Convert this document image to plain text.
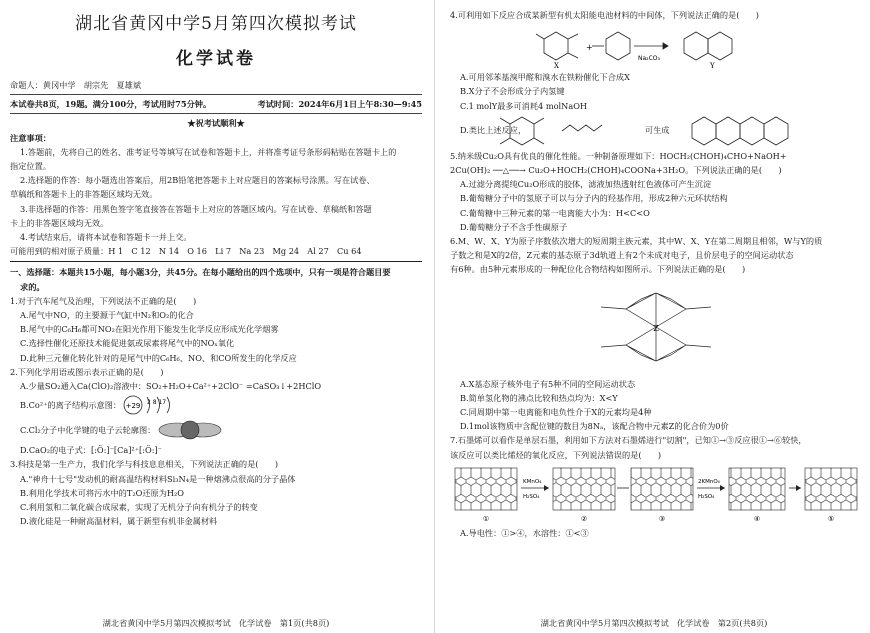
湖北省黄冈中学5月第四次模拟考试
化学试卷
命题人：黄冈中学　胡宗先　夏雄斌
本试卷共8页，19题。满分100分，考试用时75分钟。	考试时间：2024年6月1日上午8:30—9:45
★祝考试顺利★
注意事项：
1.答题前，先将自己的姓名、准考证号等填写在试卷和答题卡上，并将准考证号条形码粘贴在答题卡上的
指定位置。
2.选择题的作答：每小题选出答案后，用2B铅笔把答题卡上对应题目的答案标号涂黑。写在试卷、
草稿纸和答题卡上的非答题区域均无效。
3.非选择题的作答：用黑色签字笔直接答在答题卡上对应的答题区域内。写在试卷、草稿纸和答题
卡上的非答题区域均无效。
4.考试结束后，请将本试卷和答题卡一并上交。
可能用到的相对原子质量：H 1　C 12　N 14　O 16　Li 7　Na 23　Mg 24　Al 27　Cu 64
一、选择题：本题共15小题，每小题3分，共45分。在每小题给出的四个选项中，只有一项是符合题目要
求的。
1.对于汽车尾气及治理，下列说法不正确的是(　　)
A.尾气中NO，的主要源于气缸中N₂和O₂的化合
B.尾气中的C₆H₆都可NO₂在阳光作用下能发生化学反应形成光化学烟雾
C.选择性催化还原技术能促进氨或尿素将尾气中的NOₓ氧化
D.此种三元催化转化针对的是尾气中的C₆H₆、NO、和CO所发生的化学反应
2.下列化学用语或图示表示正确的是(　　)
A.少量SO₂通入Ca(ClO)₂溶液中：SO₂+H₂O+Ca²⁺+2ClO⁻ =CaSO₃↓+2HClO
B.Co²⁺的离子结构示意图： +29 2 8 17
C.Cl₂分子中化学键的电子云轮廓图：
D.CaO₂的电子式：[:Ö:]⁻[Ca]²⁺[:Ö:]⁻
3.科技是第一生产力，我们化学与科技息息相关，下列说法正确的是(　　)
A."神舟十七号"发动机的耐高温结构材料Si₃N₄是一种熔沸点很高的分子晶体
B.利用化学技术可将污水中的T₂O还原为H₂O
C.利用氢和二氧化碳合成尿素，实现了无机分子向有机分子的转变
D.液化硅是一种耐高温材料，属于新型有机非金属材料
湖北省黄冈中学5月第四次模拟考试　化学试卷　第1页(共8页)
4.可利用如下反应合成某新型有机太阳能电池材料的中间体，下列说法正确的是(　　)
+
Na₂CO₃
X	Y
A.可用邻苯基溴甲醛和溴水在铁粉催化下合成X
B.X分子不会形成分子内氢键
C.1 molY最多可消耗4 molNaOH
D.类比上述反应，　　　　　　　　　　　　　　　可生成
5.纳米级Cu₂O具有优良的催化性能。一种制备原理如下：HOCH₂(CHOH)₄CHO+NaOH+
2Cu(OH)₂ ──△──→ Cu₂O+HOCH₂(CHOH)₄COONa+3H₂O。下列说法正确的是(　　)
A.过滤分离提纯Cu₂O形成的胶体，滤液加热透射红色液体可产生沉淀
B.葡萄糖分子中的氢原子可以与分子内的羟基作用，形成2种六元环状结构
C.葡萄糖中三种元素的第一电离能大小为：H<C<O
D.葡萄糖分子不含手性碳原子
6.M、W、X、Y为原子序数依次增大的短周期主族元素，其中W、X、Y在第二周期且相邻，W与Y的质
子数之和是X的2倍，Z元素的基态原子3d轨道上有2个未成对电子，且价层电子的空间运动状态
有6种。由5种元素形成的一种配位化合物结构如图所示。下列说法正确的是(　　)
Z
A.X基态原子核外电子有5种不同的空间运动状态
B.简单氢化物的沸点比较和热点均为：X<Y
C.同周期中第一电离能和电负性介于X的元素均是4种
D.1mol该物质中含配位键的数目为8Nₐ，该配合物中元素Z的化合价为0价
7.石墨烯可以看作是单层石墨，利用如下方法对石墨烯进行"切割"，已知①→③反应很①→⑥较快，
该反应可以类比烯烃的氧化反应，下列说法错误的是(　　)
KMnO₄
H₂SO₄
2KMnO₄
H₂SO₄
①	②	③	④	⑤
A.导电性：①>④，水溶性：①<③
湖北省黄冈中学5月第四次模拟考试　化学试卷　第2页(共8页)
